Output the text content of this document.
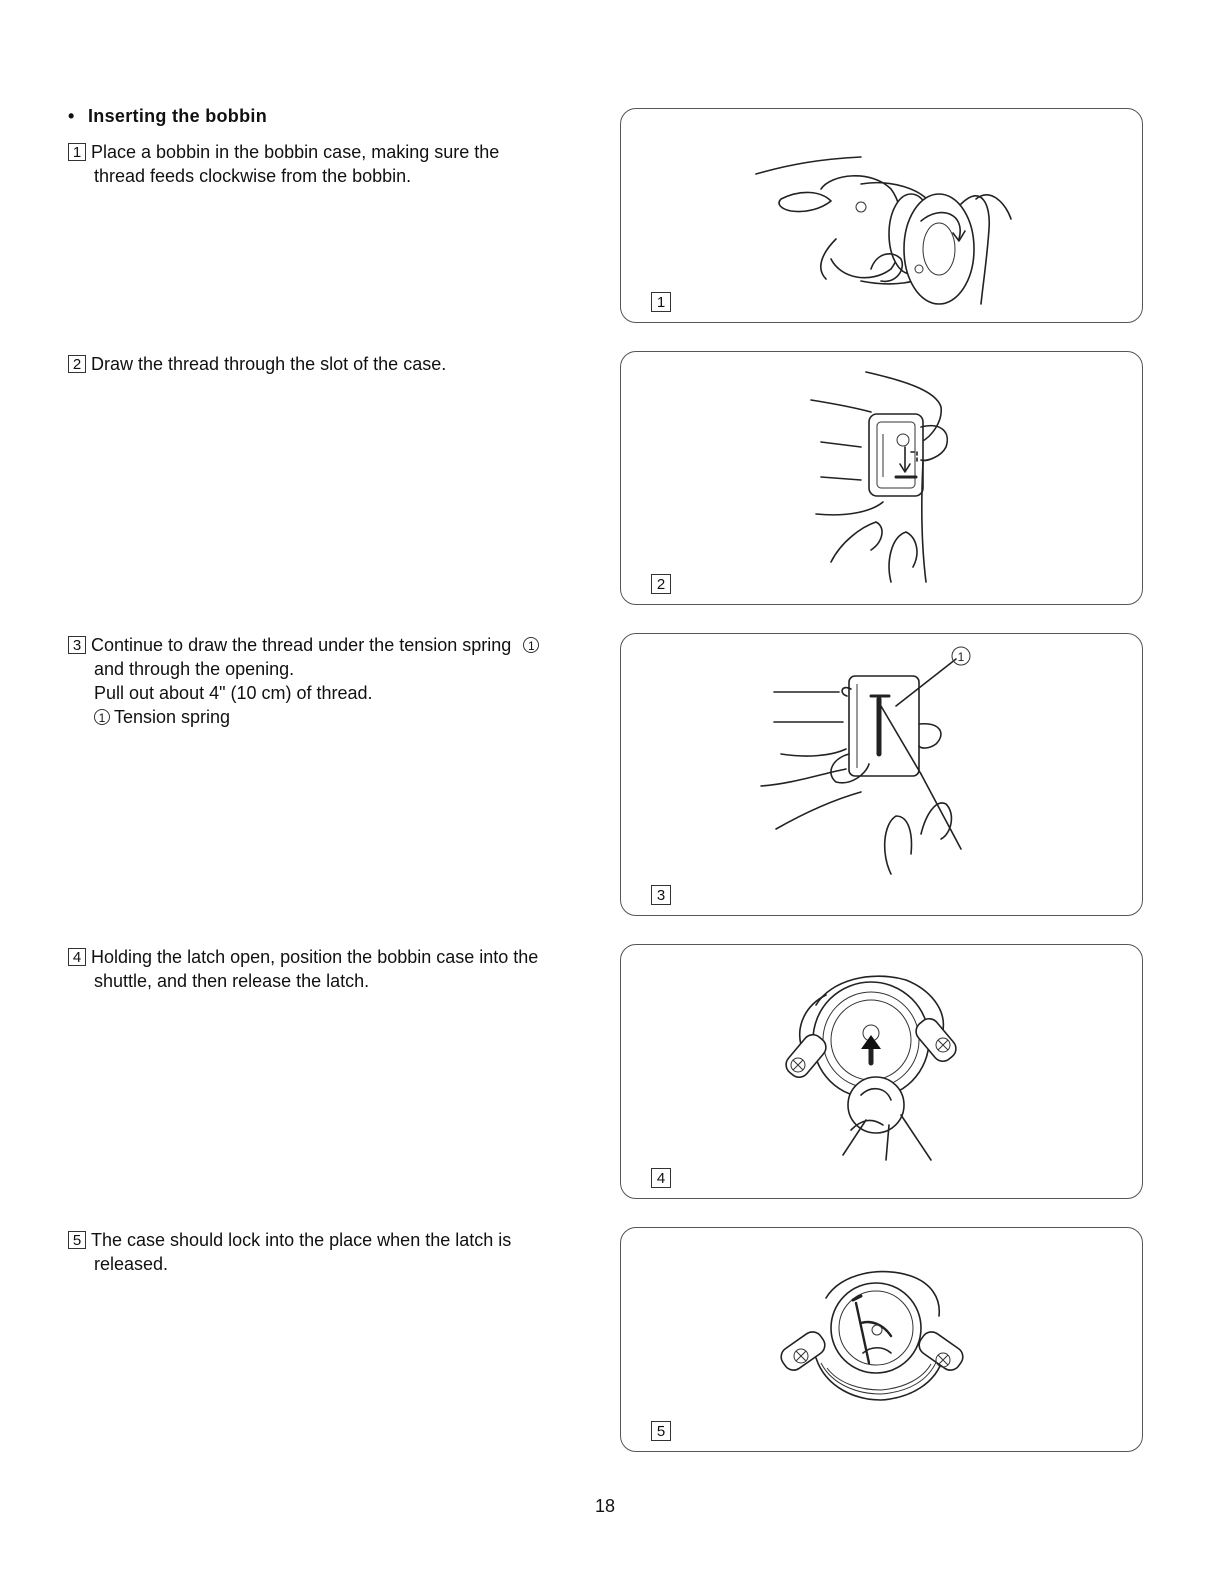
• Inserting the bobbin
1 Place a bobbin in the bobbin case, making sure the
thread feeds clockwise from the bobbin.
2 Draw the thread through the slot of the case.
3 Continue to draw the thread under the tension spring 1
and through the opening.
Pull out about 4" (10 cm) of thread.
1 Tension spring
4 Holding the latch open, position the bobbin case into the
shuttle, and then release the latch.
5 The case should lock into the place when the latch is
released.
1
2
1
3
4
5
18
